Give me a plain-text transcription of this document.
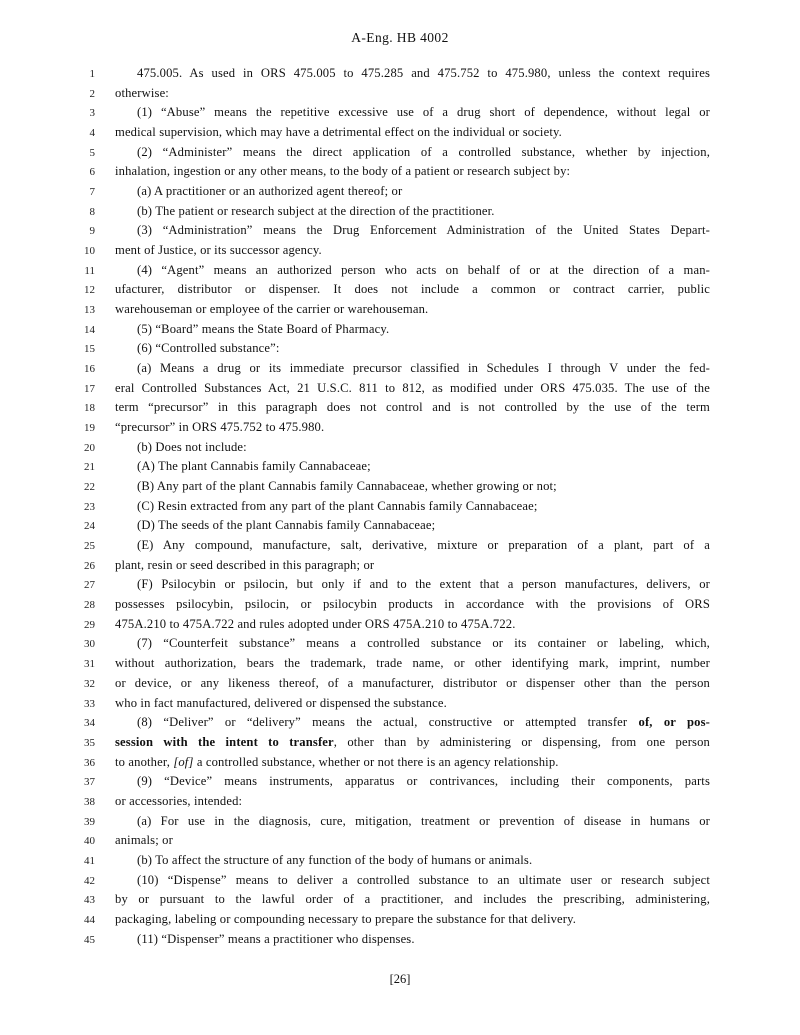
A-Eng. HB 4002
1	475.005. As used in ORS 475.005 to 475.285 and 475.752 to 475.980, unless the context requires
2 otherwise:
3	(1) “Abuse” means the repetitive excessive use of a drug short of dependence, without legal or
4 medical supervision, which may have a detrimental effect on the individual or society.
5	(2) “Administer” means the direct application of a controlled substance, whether by injection,
6 inhalation, ingestion or any other means, to the body of a patient or research subject by:
7	(a) A practitioner or an authorized agent thereof; or
8	(b) The patient or research subject at the direction of the practitioner.
9	(3) “Administration” means the Drug Enforcement Administration of the United States Depart-
10 ment of Justice, or its successor agency.
11	(4) “Agent” means an authorized person who acts on behalf of or at the direction of a man-
12 ufacturer, distributor or dispenser. It does not include a common or contract carrier, public
13 warehouseman or employee of the carrier or warehouseman.
14	(5) “Board” means the State Board of Pharmacy.
15	(6) “Controlled substance”:
16	(a) Means a drug or its immediate precursor classified in Schedules I through V under the fed-
17 eral Controlled Substances Act, 21 U.S.C. 811 to 812, as modified under ORS 475.035. The use of the
18 term “precursor” in this paragraph does not control and is not controlled by the use of the term
19 “precursor” in ORS 475.752 to 475.980.
20	(b) Does not include:
21	(A) The plant Cannabis family Cannabaceae;
22	(B) Any part of the plant Cannabis family Cannabaceae, whether growing or not;
23	(C) Resin extracted from any part of the plant Cannabis family Cannabaceae;
24	(D) The seeds of the plant Cannabis family Cannabaceae;
25	(E) Any compound, manufacture, salt, derivative, mixture or preparation of a plant, part of a
26 plant, resin or seed described in this paragraph; or
27	(F) Psilocybin or psilocin, but only if and to the extent that a person manufactures, delivers, or
28 possesses psilocybin, psilocin, or psilocybin products in accordance with the provisions of ORS
29 475A.210 to 475A.722 and rules adopted under ORS 475A.210 to 475A.722.
30	(7) “Counterfeit substance” means a controlled substance or its container or labeling, which,
31 without authorization, bears the trademark, trade name, or other identifying mark, imprint, number
32 or device, or any likeness thereof, of a manufacturer, distributor or dispenser other than the person
33 who in fact manufactured, delivered or dispensed the substance.
34	(8) “Deliver” or “delivery” means the actual, constructive or attempted transfer of, or pos-
35 session with the intent to transfer, other than by administering or dispensing, from one person
36 to another, [of] a controlled substance, whether or not there is an agency relationship.
37	(9) “Device” means instruments, apparatus or contrivances, including their components, parts
38 or accessories, intended:
39	(a) For use in the diagnosis, cure, mitigation, treatment or prevention of disease in humans or
40 animals; or
41	(b) To affect the structure of any function of the body of humans or animals.
42	(10) “Dispense” means to deliver a controlled substance to an ultimate user or research subject
43 by or pursuant to the lawful order of a practitioner, and includes the prescribing, administering,
44 packaging, labeling or compounding necessary to prepare the substance for that delivery.
45	(11) “Dispenser” means a practitioner who dispenses.
[26]
